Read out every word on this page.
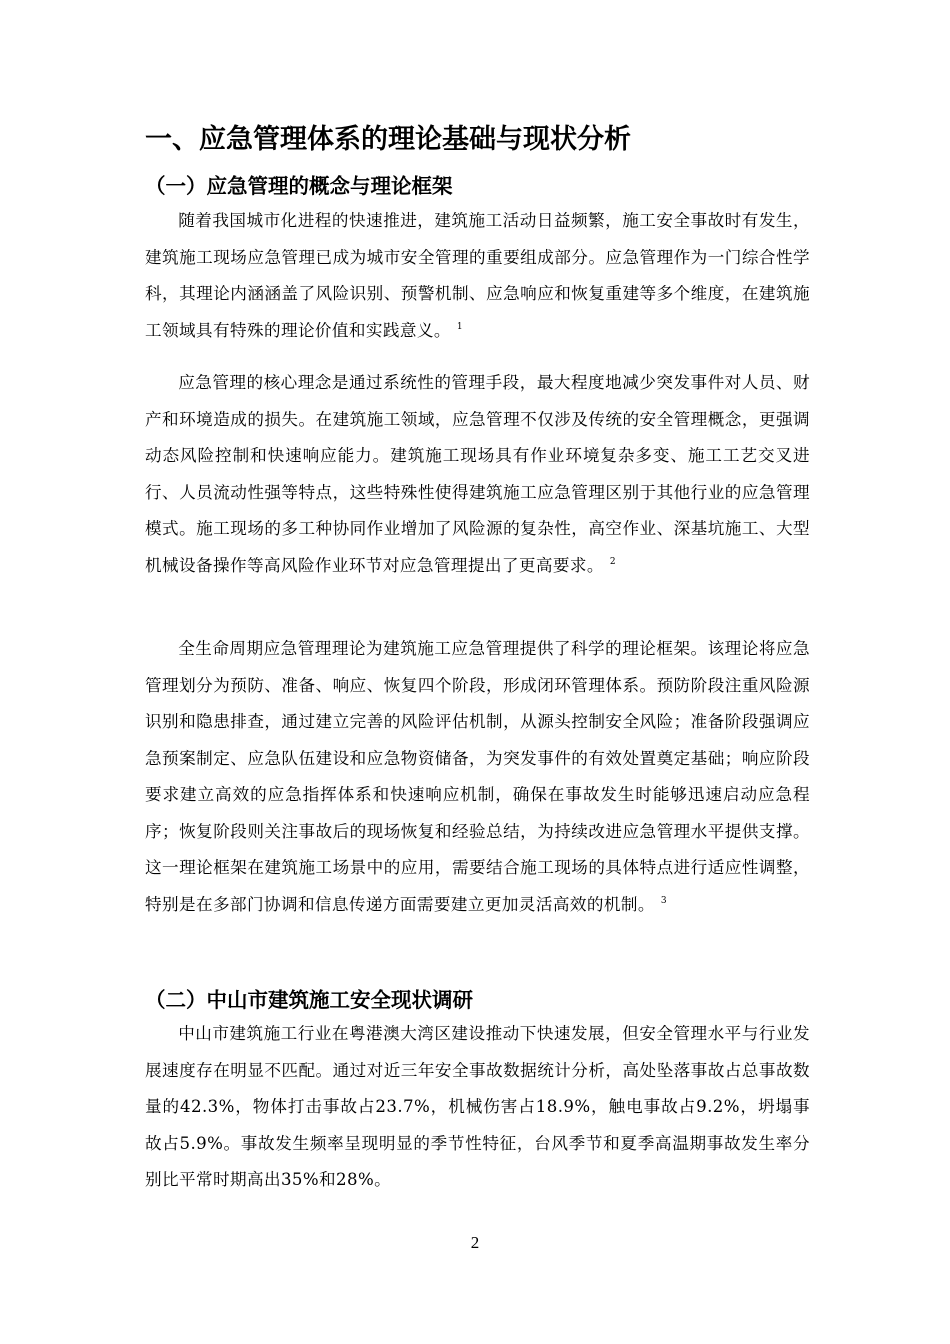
一、应急管理体系的理论基础与现状分析
（一）应急管理的概念与理论框架

随着我国城市化进程的快速推进，建筑施工活动日益频繁，施工安全事故时有发生，建筑施工现场应急管理已成为城市安全管理的重要组成部分。应急管理作为一门综合性学科，其理论内涵涵盖了风险识别、预警机制、应急响应和恢复重建等多个维度，在建筑施工领域具有特殊的理论价值和实践意义。 $^1$

应急管理的核心理念是通过系统性的管理手段，最大程度地减少突发事件对人员、财产和环境造成的损失。在建筑施工领域，应急管理不仅涉及传统的安全管理概念，更强调动态风险控制和快速响应能力。建筑施工现场具有作业环境复杂多变、施工工艺交叉进行、人员流动性强等特点，这些特殊性使得建筑施工应急管理区别于其他行业的应急管理模式。施工现场的多工种协同作业增加了风险源的复杂性，高空作业、深基坑施工、大型机械设备操作等高风险作业环节对应急管理提出了更高要求。 $^2$

全生命周期应急管理理论为建筑施工应急管理提供了科学的理论框架。该理论将应急管理划分为预防、准备、响应、恢复四个阶段，形成闭环管理体系。预防阶段注重风险源识别和隐患排查，通过建立完善的风险评估机制，从源头控制安全风险；准备阶段强调应急预案制定、应急队伍建设和应急物资储备，为突发事件的有效处置奠定基础；响应阶段要求建立高效的应急指挥体系和快速响应机制，确保在事故发生时能够迅速启动应急程序；恢复阶段则关注事故后的现场恢复和经验总结，为持续改进应急管理水平提供支撑。这一理论框架在建筑施工场景中的应用，需要结合施工现场的具体特点进行适应性调整，特别是在多部门协调和信息传递方面需要建立更加灵活高效的机制。 $^3$

（二）中山市建筑施工安全现状调研

中山市建筑施工行业在粤港澳大湾区建设推动下快速发展，但安全管理水平与行业发展速度存在明显不匹配。通过对近三年安全事故数据统计分析，高处坠落事故占总事故数量的42.3%，物体打击事故占23.7%，机械伤害占18.9%，触电事故占9.2%，坍塌事故占5.9%。事故发生频率呈现明显的季节性特征，台风季节和夏季高温期事故发生率分别比平常时期高出35%和28%。

2
